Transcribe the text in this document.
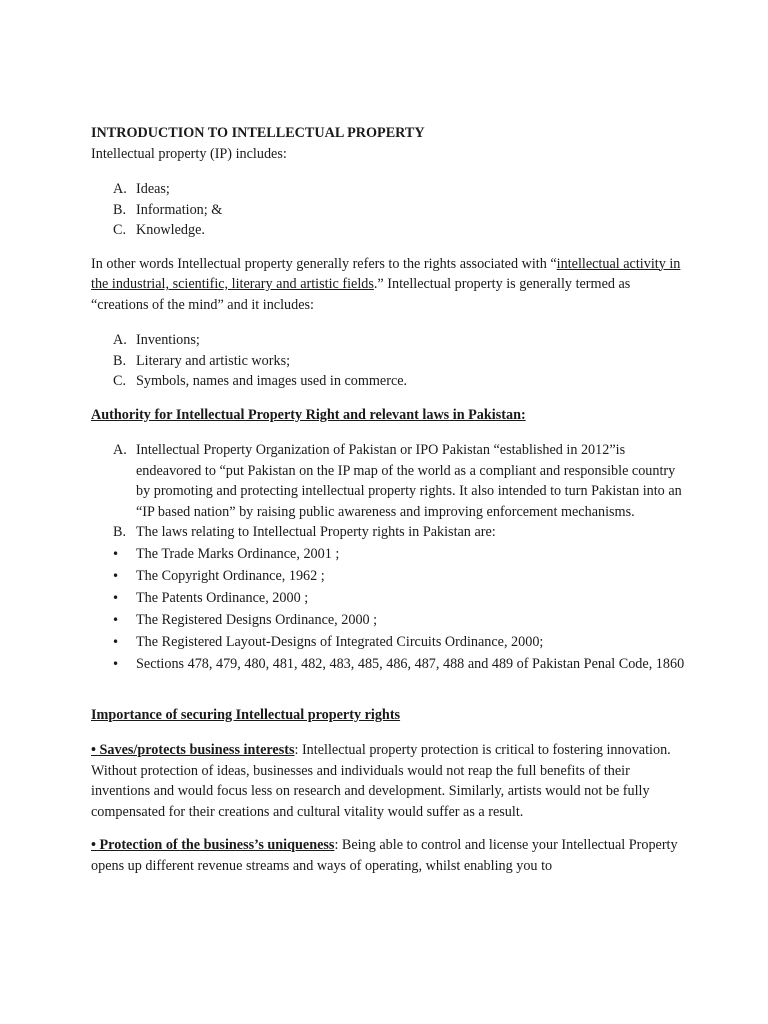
INTRODUCTION TO INTELLECTUAL PROPERTY

Intellectual property (IP) includes:

A. Ideas;
B. Information; &
C. Knowledge.

In other words Intellectual property generally refers to the rights associated with “intellectual activity in the industrial, scientific, literary and artistic fields.” Intellectual property is generally termed as “creations of the mind” and it includes:

A. Inventions;
B. Literary and artistic works;
C. Symbols, names and images used in commerce.

Authority for Intellectual Property Right and relevant laws in Pakistan:

A. Intellectual Property Organization of Pakistan or IPO Pakistan “established in 2012”is endeavored to “put Pakistan on the IP map of the world as a compliant and responsible country by promoting and protecting intellectual property rights. It also intended to turn Pakistan into an “IP based nation” by raising public awareness and improving enforcement mechanisms.
B. The laws relating to Intellectual Property rights in Pakistan are:
• The Trade Marks Ordinance, 2001 ;
• The Copyright Ordinance, 1962 ;
• The Patents Ordinance, 2000 ;
• The Registered Designs Ordinance, 2000 ;
• The Registered Layout-Designs of Integrated Circuits Ordinance, 2000;
• Sections 478, 479, 480, 481, 482, 483, 485, 486, 487, 488 and 489 of Pakistan Penal Code, 1860

Importance of securing Intellectual property rights

• Saves/protects business interests: Intellectual property protection is critical to fostering innovation. Without protection of ideas, businesses and individuals would not reap the full benefits of their inventions and would focus less on research and development. Similarly, artists would not be fully compensated for their creations and cultural vitality would suffer as a result.

• Protection of the business’s uniqueness: Being able to control and license your Intellectual Property opens up different revenue streams and ways of operating, whilst enabling you to
